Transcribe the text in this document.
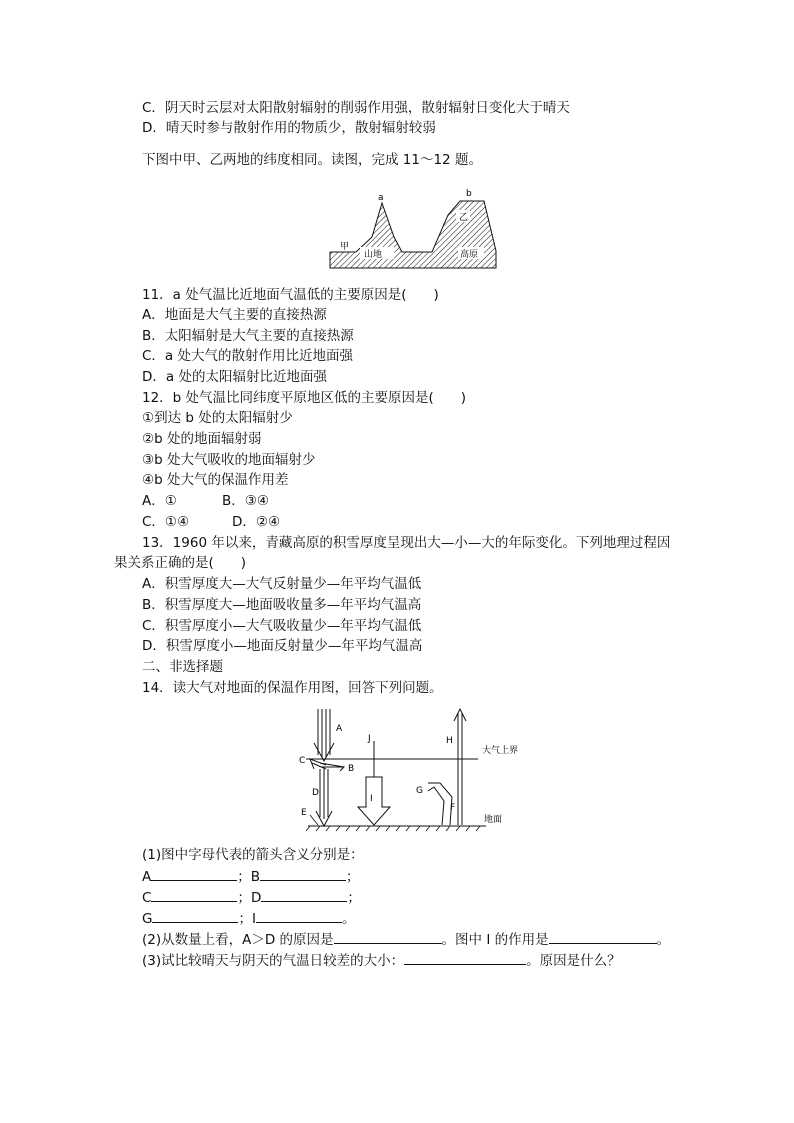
C．阴天时云层对太阳散射辐射的削弱作用强，散射辐射日变化大于晴天
D．晴天时参与散射作用的物质少，散射辐射较弱
下图中甲、乙两地的纬度相同。读图，完成 11～12 题。
a	b
甲
乙
山地	高原
11．a 处气温比近地面气温低的主要原因是(　　)
A．地面是大气主要的直接热源
B．太阳辐射是大气主要的直接热源
C．a 处大气的散射作用比近地面强
D．a 处的太阳辐射比近地面强
12．b 处气温比同纬度平原地区低的主要原因是(　　)
①到达 b 处的太阳辐射少
②b 处的地面辐射弱
③b 处大气吸收的地面辐射少
④b 处大气的保温作用差
A．①	B．③④
C．①④	D．②④
13．1960 年以来，青藏高原的积雪厚度呈现出大—小—大的年际变化。下列地理过程因
果关系正确的是(　　)
A．积雪厚度大—大气反射量少—年平均气温低
B．积雪厚度大—地面吸收量多—年平均气温高
C．积雪厚度小—大气吸收量少—年平均气温低
D．积雪厚度小—地面反射量少—年平均气温高
二、非选择题
14．读大气对地面的保温作用图，回答下列问题。
大气上界
地面
A
B
C
D
E
I
J	H
G
F
(1)图中字母代表的箭头含义分别是：
A	；B	；
C	；D	；
G	；I	。
(2)从数量上看，A＞D 的原因是	。图中 I 的作用是	。
(3)试比较晴天与阴天的气温日较差的大小：	。原因是什么？
